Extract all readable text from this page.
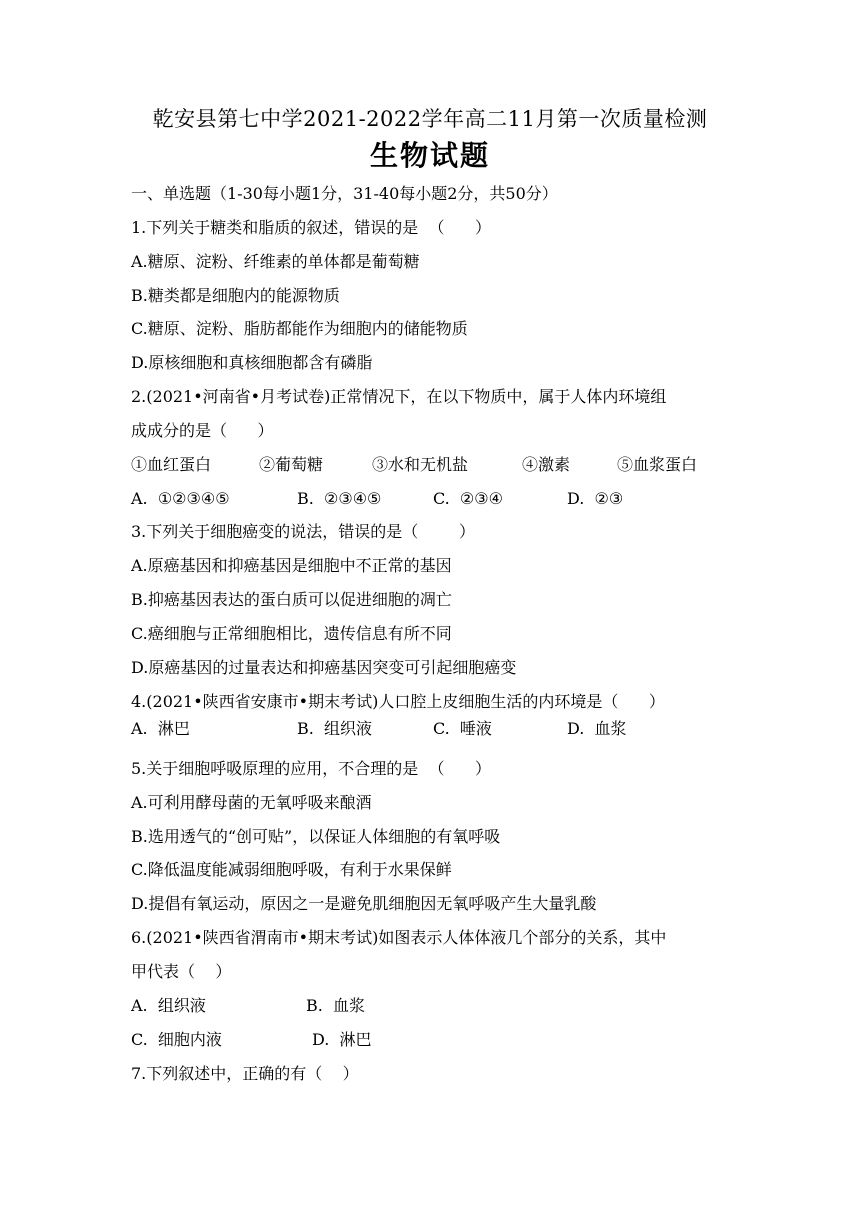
乾安县第七中学2021-2022学年高二11月第一次质量检测
生物试题
一、单选题（1-30每小题1分，31-40每小题2分，共50分）
1.下列关于糖类和脂质的叙述，错误的是  （      ）
A.糖原、淀粉、纤维素的单体都是葡萄糖
B.糖类都是细胞内的能源物质
C.糖原、淀粉、脂肪都能作为细胞内的储能物质
D.原核细胞和真核细胞都含有磷脂
2.(2021•河南省•月考试卷)正常情况下，在以下物质中，属于人体内环境组
成成分的是（      ）
①血红蛋白	②葡萄糖	③水和无机盐	④激素	⑤血浆蛋白
A.  ①②③④⑤	B.  ②③④⑤	C.  ②③④	D.  ②③
3.下列关于细胞癌变的说法，错误的是（        ）
A.原癌基因和抑癌基因是细胞中不正常的基因
B.抑癌基因表达的蛋白质可以促进细胞的凋亡
C.癌细胞与正常细胞相比，遗传信息有所不同
D.原癌基因的过量表达和抑癌基因突变可引起细胞癌变
4.(2021•陕西省安康市•期末考试)人口腔上皮细胞生活的内环境是（      ）
A.  淋巴	B.  组织液	C.  唾液	D.  血浆
5.关于细胞呼吸原理的应用，不合理的是  （      ）
A.可利用酵母菌的无氧呼吸来酿酒
B.选用透气的“创可贴”，以保证人体细胞的有氧呼吸
C.降低温度能减弱细胞呼吸，有利于水果保鲜
D.提倡有氧运动，原因之一是避免肌细胞因无氧呼吸产生大量乳酸
6.(2021•陕西省渭南市•期末考试)如图表示人体体液几个部分的关系，其中
甲代表（    ）
A.  组织液	B.  血浆
C.  细胞内液	D.  淋巴
7.下列叙述中，正确的有（    ）
